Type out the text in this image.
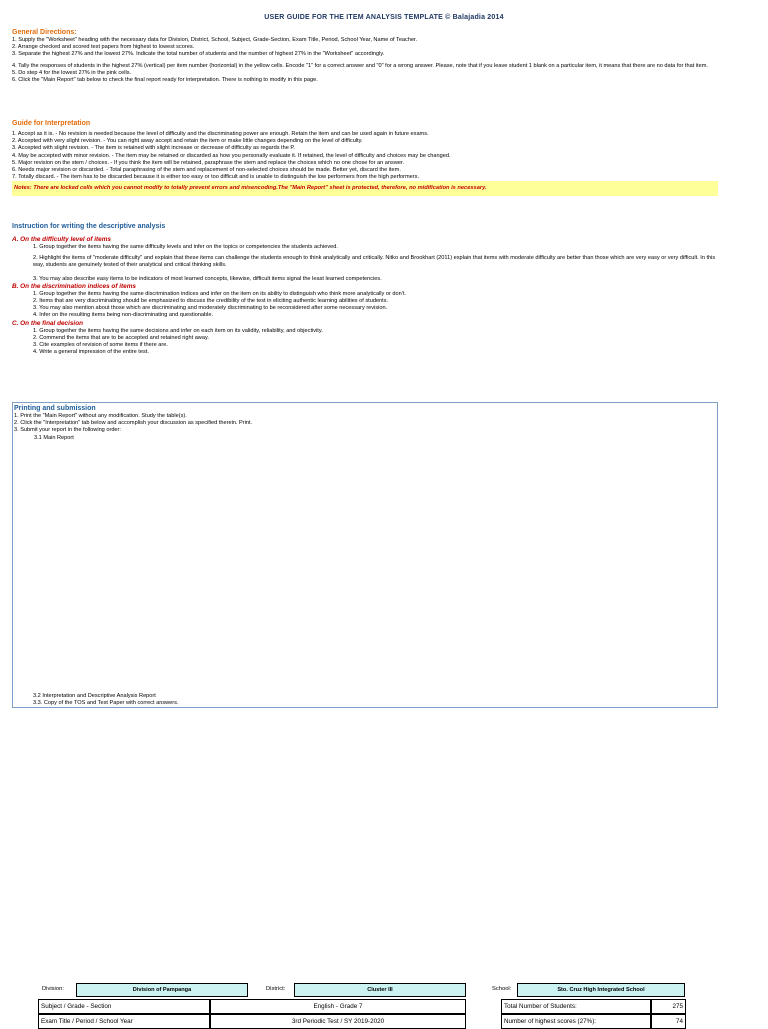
USER GUIDE FOR THE ITEM ANALYSIS TEMPLATE © Balajadia 2014
General Directions:
1. Supply the "Worksheet" heading with the necessary data for Division, District, School, Subject, Grade-Section, Exam Title, Period, School Year, Name of Teacher.
2. Arrange checked and scored test papers from highest to lowest scores.
3. Separate the highest 27% and the lowest 27%. Indicate the total number of students and the number of highest 27% in the "Worksheet" accordingly.
4. Tally the responses of students in the highest 27% (vertical) per item number (horizontal) in the yellow cells. Encode "1" for a correct answer and "0" for a wrong answer. Please, note that if you leave student 1 blank on a particular item, it means that there are no data for that item.
5. Do step 4 for the lowest 27% in the pink cells.
6. Click the "Main Report" tab below to check the final report ready for interpretation. There is nothing to modify in this page.
Guide for Interpretation
1. Accept as it is. - No revision is needed because the level of difficulty and the discriminating power are enough. Retain the item and can be used again in future exams.
2. Accepted with very slight revision. - You can right away accept and retain the item or make little changes depending on the level of difficulty.
3. Accepted with slight revision. - The item is retained with slight increase or decrease of difficulty as regards the P.
4. May be accepted with minor revision. - The item may be retained or discarded as how you personally evaluate it. If retained, the level of difficulty and choices may be changed.
5. Major revision on the stem / choices. - If you think the item will be retained, paraphrase the stem and replace the choices which no one chose for an answer.
6. Needs major revision or discarded. - Total paraphrasing of the stem and replacement of non-selected choices should be made. Better yet, discard the item.
7. Totally discard. - The item has to be discarded because it is either too easy or too difficult and is unable to distinguish the low performers from the high performers.
Notes: There are locked cells which you cannot modify to totally prevent errors and misencoding.The "Main Report" sheet is protected, therefore, no midification is necessary.
Instruction for writing the descriptive analysis
A. On the difficulty level of items
1. Group together the items having the same difficulty levels and infer on the topics or competencies the students achieved.
2. Highlight the items of "moderate difficulty" and explain that these items can challenge the students enough to think analytically and critically. Nitko and Brookhart (2011) explain that items with moderate difficulty are better than those which are very easy or very difficult. In this way, students are genuinely tested of their analytical and critical thinking skills.
3. You may also describe easy items to be indicators of most learned concepts, likewise, difficult items signal the least learned competencies.
B. On the discrimination indices of items
1. Group together the items having the same discrimination indices and infer on the item on its ability to distinguish who think more analytically or don't.
2. Items that are very discriminating should be emphasized to discuss the credibility of the test in eliciting authentic learning abilities of students.
3. You may also mention about those which are discriminating and moderately discriminating to be reconsidered after some necessary revision.
4. Infer on the resulting items being non-discriminating and questionable.
C. On the final decision
1. Group together the items having the same decisions and infer on each item on its validity, reliability, and objectivity.
2. Commend the items that are to be accepted and retained right away.
3. Cite examples of revision of some items if there are.
4. Write a general impression of the entire test.
Printing and submission
1. Print the "Main Report" without any modification. Study the table(s).
2. Click the "Interpretation" tab below and accomplish your discussion as specified therein. Print.
3. Submit your report in the following order:
3.1 Main Report
3.2 Interpretation and Descriptive Analysis Report
3.3. Copy of the TOS and Test Paper with correct answers.
Division:	Division of Pampanga	District:	Cluster III	School:	Sto. Cruz High Integrated School
Subject / Grade - Section	English - Grade 7
Exam Title / Period / School Year	3rd Periodic Test / SY 2019-2020
Total Number of Students:	275
Number of highest scores (27%):	74
